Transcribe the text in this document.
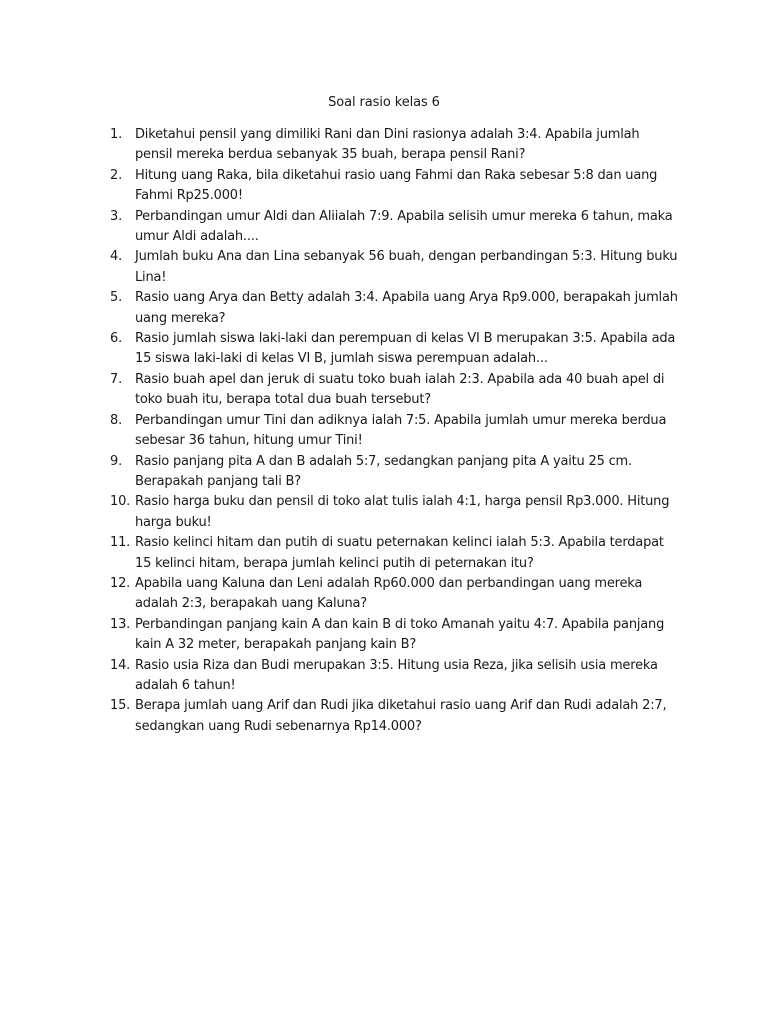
Soal rasio kelas 6
1. Diketahui pensil yang dimiliki Rani dan Dini rasionya adalah 3:4. Apabila jumlah pensil mereka berdua sebanyak 35 buah, berapa pensil Rani?
2. Hitung uang Raka, bila diketahui rasio uang Fahmi dan Raka sebesar 5:8 dan uang Fahmi Rp25.000!
3. Perbandingan umur Aldi dan Aliialah 7:9. Apabila selisih umur mereka 6 tahun, maka umur Aldi adalah....
4. Jumlah buku Ana dan Lina sebanyak 56 buah, dengan perbandingan 5:3. Hitung buku Lina!
5. Rasio uang Arya dan Betty adalah 3:4. Apabila uang Arya Rp9.000, berapakah jumlah uang mereka?
6. Rasio jumlah siswa laki-laki dan perempuan di kelas VI B merupakan 3:5. Apabila ada 15 siswa laki-laki di kelas VI B, jumlah siswa perempuan adalah...
7. Rasio buah apel dan jeruk di suatu toko buah ialah 2:3. Apabila ada 40 buah apel di toko buah itu, berapa total dua buah tersebut?
8. Perbandingan umur Tini dan adiknya ialah 7:5. Apabila jumlah umur mereka berdua sebesar 36 tahun, hitung umur Tini!
9. Rasio panjang pita A dan B adalah 5:7, sedangkan panjang pita A yaitu 25 cm. Berapakah panjang tali B?
10. Rasio harga buku dan pensil di toko alat tulis ialah 4:1, harga pensil Rp3.000. Hitung harga buku!
11. Rasio kelinci hitam dan putih di suatu peternakan kelinci ialah 5:3. Apabila terdapat 15 kelinci hitam, berapa jumlah kelinci putih di peternakan itu?
12. Apabila uang Kaluna dan Leni adalah Rp60.000 dan perbandingan uang mereka adalah 2:3, berapakah uang Kaluna?
13. Perbandingan panjang kain A dan kain B di toko Amanah yaitu 4:7. Apabila panjang kain A 32 meter, berapakah panjang kain B?
14. Rasio usia Riza dan Budi merupakan 3:5. Hitung usia Reza, jika selisih usia mereka adalah 6 tahun!
15. Berapa jumlah uang Arif dan Rudi jika diketahui rasio uang Arif dan Rudi adalah 2:7, sedangkan uang Rudi sebenarnya Rp14.000?
